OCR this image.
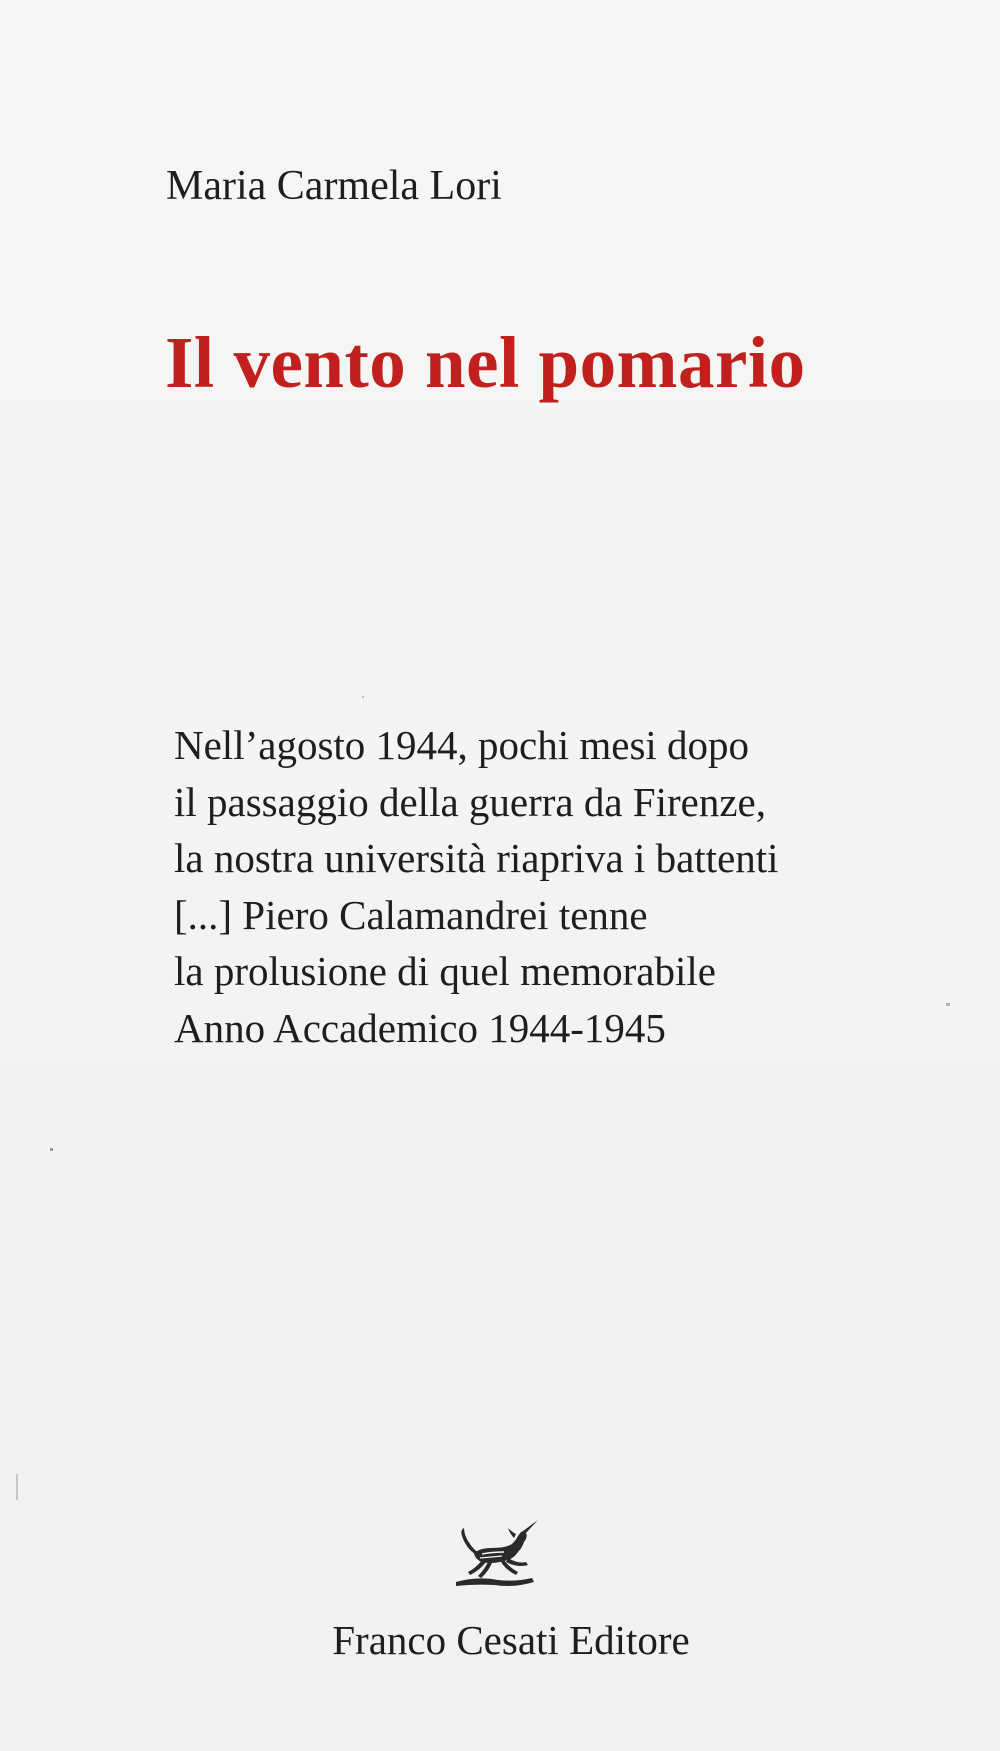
Maria Carmela Lori
Il vento nel pomario
Nell’agosto 1944, pochi mesi dopo
il passaggio della guerra da Firenze,
la nostra università riapriva i battenti
[...] Piero Calamandrei tenne
la prolusione di quel memorabile
Anno Accademico 1944-1945
Franco Cesati Editore
